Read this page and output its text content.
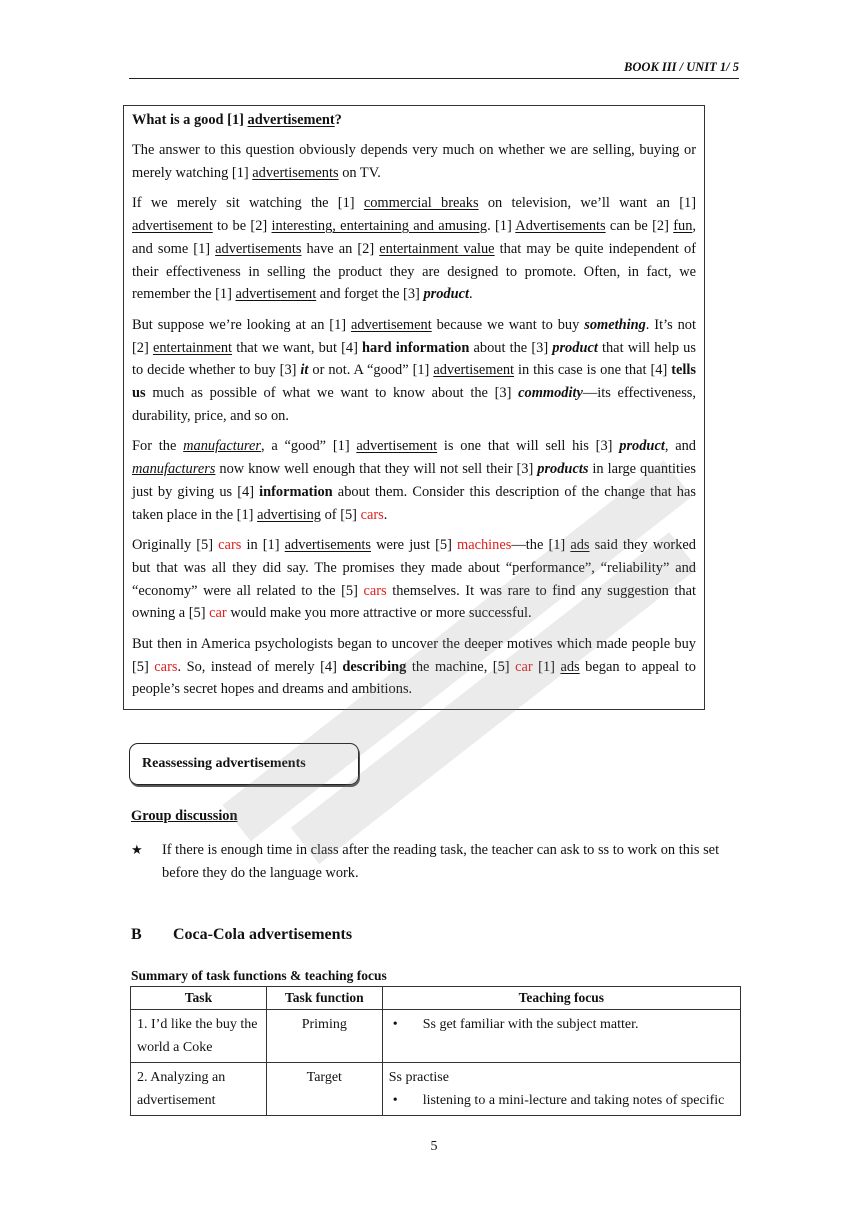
BOOK III / UNIT 1/ 5
What is a good [1] advertisement?

The answer to this question obviously depends very much on whether we are selling, buying or merely watching [1] advertisements on TV.

If we merely sit watching the [1] commercial breaks on television, we’ll want an [1] advertisement to be [2] interesting, entertaining and amusing. [1] Advertisements can be [2] fun, and some [1] advertisements have an [2] entertainment value that may be quite independent of their effectiveness in selling the product they are designed to promote. Often, in fact, we remember the [1] advertisement and forget the [3] product.

But suppose we’re looking at an [1] advertisement because we want to buy something. It’s not [2] entertainment that we want, but [4] hard information about the [3] product that will help us to decide whether to buy [3] it or not. A “good” [1] advertisement in this case is one that [4] tells us much as possible of what we want to know about the [3] commodity—its effectiveness, durability, price, and so on.

For the manufacturer, a “good” [1] advertisement is one that will sell his [3] product, and manufacturers now know well enough that they will not sell their [3] products in large quantities just by giving us [4] information about them. Consider this description of the change that has taken place in the [1] advertising of [5] cars.

Originally [5] cars in [1] advertisements were just [5] machines—the [1] ads said they worked but that was all they did say. The promises they made about “performance”, “reliability” and “economy” were all related to the [5] cars themselves. It was rare to find any suggestion that owning a [5] car would make you more attractive or more successful.

But then in America psychologists began to uncover the deeper motives which made people buy [5] cars. So, instead of merely [4] describing the machine, [5] car [1] ads began to appeal to people’s secret hopes and dreams and ambitions.

Reassessing advertisements
Group discussion
★	If there is enough time in class after the reading task, the teacher can ask to ss to work on this set before they do the language work.
B Coca-Cola advertisements
Summary of task functions & teaching focus
Task	Task function	Teaching focus
1. I’d like the buy the world a Coke	Priming	• Ss get familiar with the subject matter.

2. Analyzing an advertisement	Target	Ss practise
• listening to a mini-lecture and taking notes of specific
5
